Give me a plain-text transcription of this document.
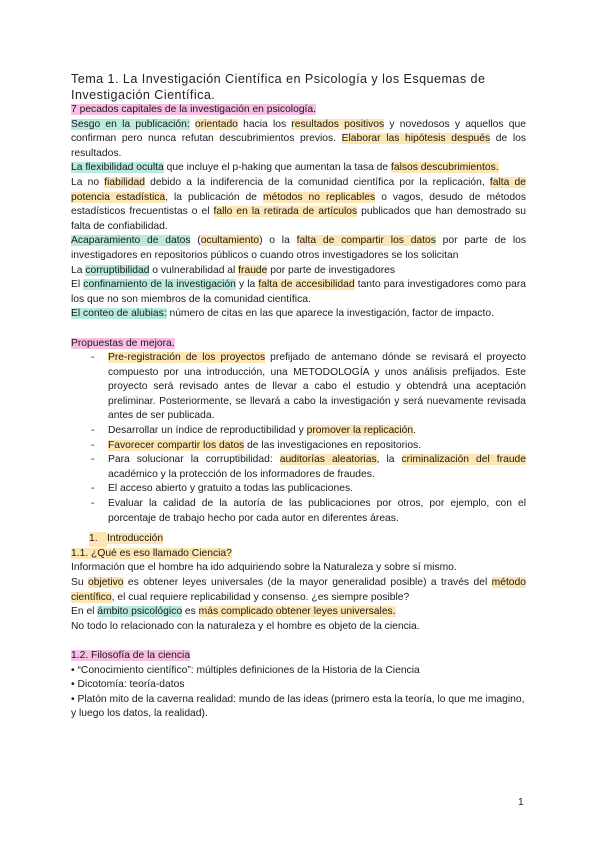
Tema 1. La Investigación Científica en Psicología y los Esquemas de Investigación Científica.

7 pecados capitales de la investigación en psicología.

Sesgo en la publicación: orientado hacia los resultados positivos y novedosos y aquellos que confirman pero nunca refutan descubrimientos previos. Elaborar las hipótesis después de los resultados.

La flexibilidad oculta que incluye el p-haking que aumentan la tasa de falsos descubrimientos.

La no fiabilidad debido a la indiferencia de la comunidad científica por la replicación, falta de potencia estadística, la publicación de métodos no replicables o vagos, desudo de métodos estadísticos frecuentistas o el fallo en la retirada de artículos publicados que han demostrado su falta de confiabilidad.

Acaparamiento de datos (ocultamiento) o la falta de compartir los datos por parte de los investigadores en repositorios públicos o cuando otros investigadores se los solicitan

La corruptibilidad o vulnerabilidad al fraude por parte de investigadores

El confinamiento de la investigación y la falta de accesibilidad tanto para investigadores como para los que no son miembros de la comunidad científica.

El conteo de alubias: número de citas en las que aparece la investigación, factor de impacto.

Propuestas de mejora.

- Pre-registración de los proyectos prefijado de antemano dónde se revisará el proyecto compuesto por una introducción, una METODOLOGÍA y unos análisis prefijados. Este proyecto será revisado antes de llevar a cabo el estudio y obtendrá una aceptación preliminar. Posteriormente, se llevará a cabo la investigación y será nuevamente revisada antes de ser publicada.
- Desarrollar un índice de reproductibilidad y promover la replicación.
- Favorecer compartir los datos de las investigaciones en repositorios.
- Para solucionar la corruptibilidad: auditorías aleatorias, la criminalización del fraude académico y la protección de los informadores de fraudes.
- El acceso abierto y gratuito a todas las publicaciones.
- Evaluar la calidad de la autoría de las publicaciones por otros, por ejemplo, con el porcentaje de trabajo hecho por cada autor en diferentes áreas.

1. Introducción

1.1. ¿Qué es eso llamado Ciencia?

Información que el hombre ha ido adquiriendo sobre la Naturaleza y sobre sí mismo.

Su objetivo es obtener leyes universales (de la mayor generalidad posible) a través del método científico, el cual requiere replicabilidad y consenso. ¿es siempre posible?

En el ámbito psicológico es más complicado obtener leyes universales.

No todo lo relacionado con la naturaleza y el hombre es objeto de la ciencia.

1.2. Filosofía de la ciencia

• “Conocimiento científico”: múltiples definiciones de la Historia de la Ciencia

• Dicotomía: teoría-datos

• Platón mito de la caverna realidad: mundo de las ideas (primero esta la teoría, lo que me imagino, y luego los datos, la realidad).

1
